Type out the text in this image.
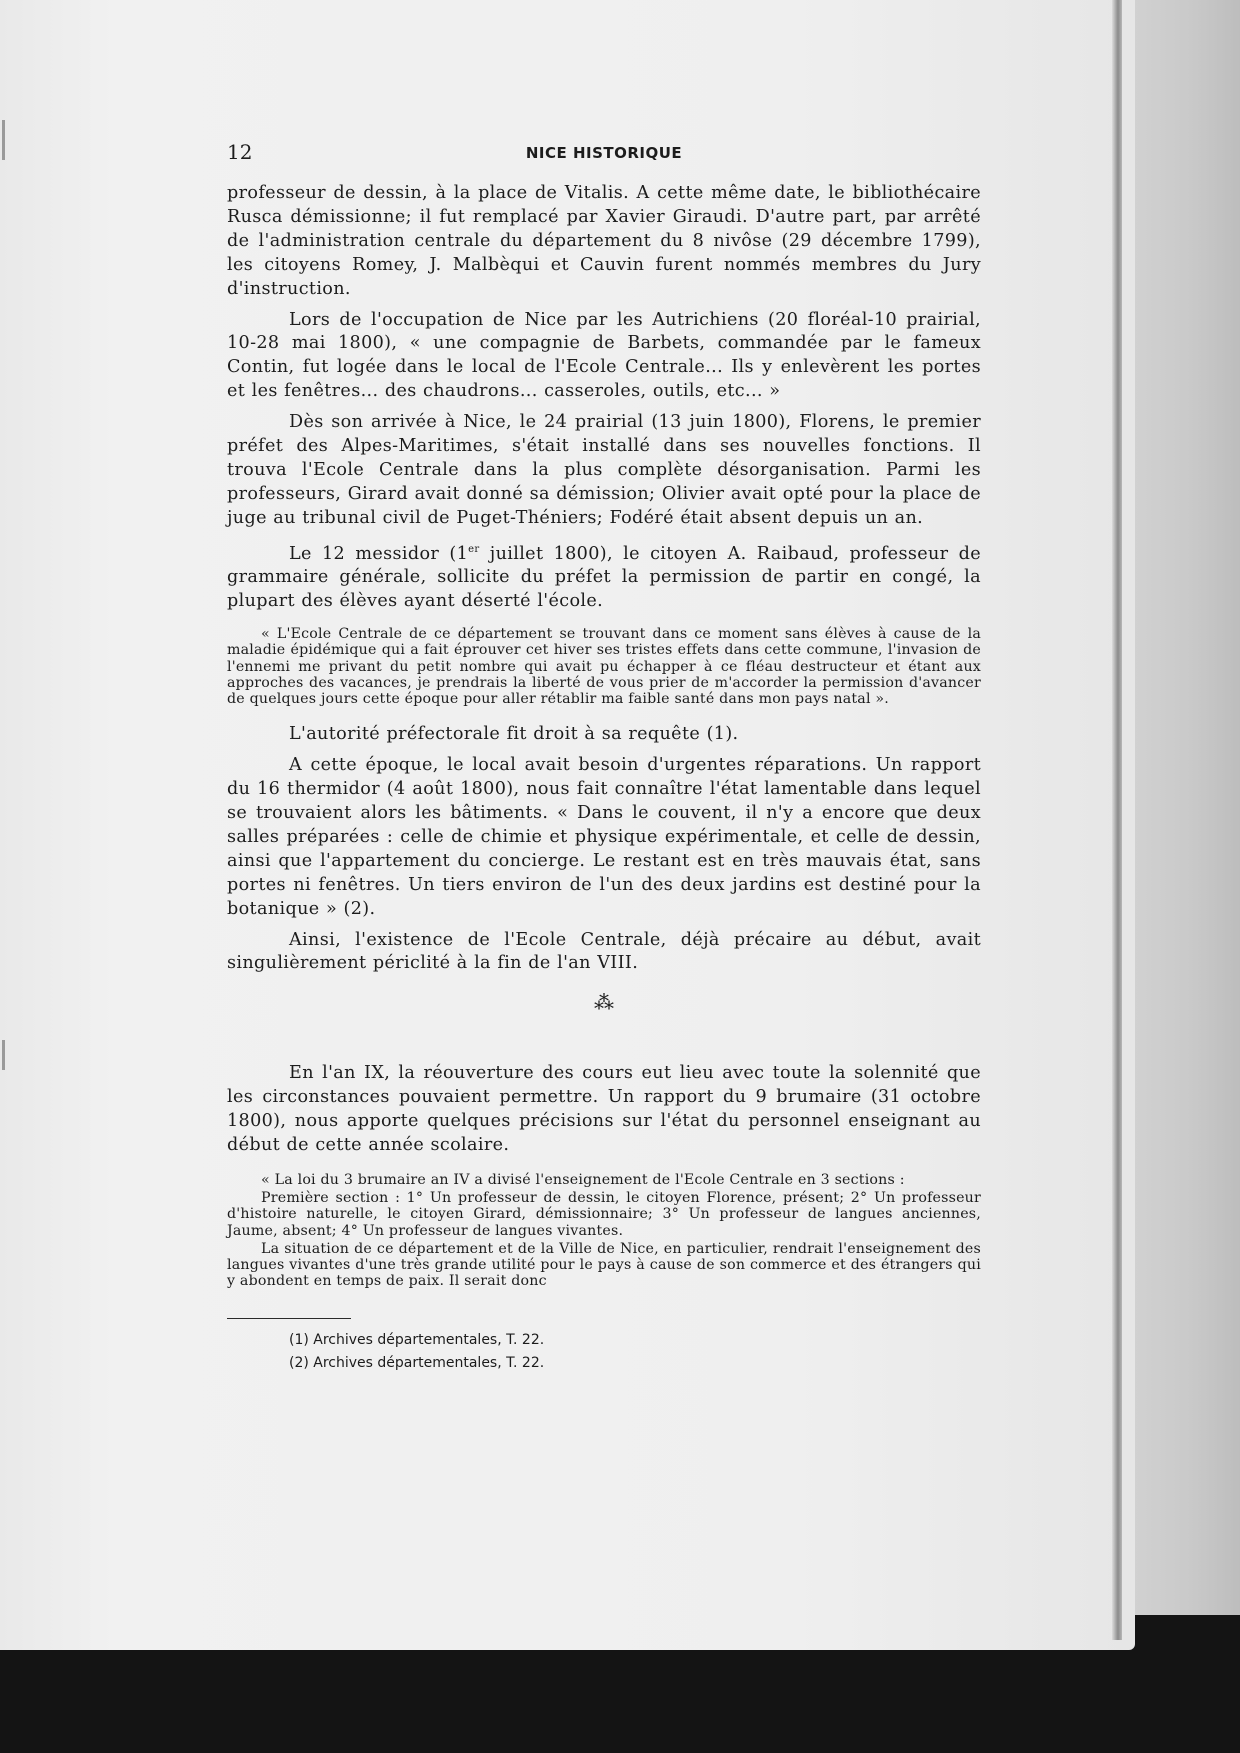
12	NICE HISTORIQUE

professeur de dessin, à la place de Vitalis. A cette même date, le bibliothécaire Rusca démissionne; il fut remplacé par Xavier Giraudi. D'autre part, par arrêté de l'administration centrale du département du 8 nivôse (29 décembre 1799), les citoyens Romey, J. Malbèqui et Cauvin furent nommés membres du Jury d'instruction.

Lors de l'occupation de Nice par les Autrichiens (20 floréal-10 prairial, 10-28 mai 1800), « une compagnie de Barbets, commandée par le fameux Contin, fut logée dans le local de l'Ecole Centrale... Ils y enlevèrent les portes et les fenêtres... des chaudrons... casseroles, outils, etc... »

Dès son arrivée à Nice, le 24 prairial (13 juin 1800), Florens, le premier préfet des Alpes-Maritimes, s'était installé dans ses nouvelles fonctions. Il trouva l'Ecole Centrale dans la plus complète désorganisation. Parmi les professeurs, Girard avait donné sa démission; Olivier avait opté pour la place de juge au tribunal civil de Puget-Théniers; Fodéré était absent depuis un an.

Le 12 messidor (1er juillet 1800), le citoyen A. Raibaud, professeur de grammaire générale, sollicite du préfet la permission de partir en congé, la plupart des élèves ayant déserté l'école.

« L'Ecole Centrale de ce département se trouvant dans ce moment sans élèves à cause de la maladie épidémique qui a fait éprouver cet hiver ses tristes effets dans cette commune, l'invasion de l'ennemi me privant du petit nombre qui avait pu échapper à ce fléau destructeur et étant aux approches des vacances, je prendrais la liberté de vous prier de m'accorder la permission d'avancer de quelques jours cette époque pour aller rétablir ma faible santé dans mon pays natal ».

L'autorité préfectorale fit droit à sa requête (1).

A cette époque, le local avait besoin d'urgentes réparations. Un rapport du 16 thermidor (4 août 1800), nous fait connaître l'état lamentable dans lequel se trouvaient alors les bâtiments. « Dans le couvent, il n'y a encore que deux salles préparées : celle de chimie et physique expérimentale, et celle de dessin, ainsi que l'appartement du concierge. Le restant est en très mauvais état, sans portes ni fenêtres. Un tiers environ de l'un des deux jardins est destiné pour la botanique » (2).

Ainsi, l'existence de l'Ecole Centrale, déjà précaire au début, avait singulièrement périclité à la fin de l'an VIII.

⁂

En l'an IX, la réouverture des cours eut lieu avec toute la solennité que les circonstances pouvaient permettre. Un rapport du 9 brumaire (31 octobre 1800), nous apporte quelques précisions sur l'état du personnel enseignant au début de cette année scolaire.

« La loi du 3 brumaire an IV a divisé l'enseignement de l'Ecole Centrale en 3 sections :

Première section : 1° Un professeur de dessin, le citoyen Florence, présent; 2° Un professeur d'histoire naturelle, le citoyen Girard, démissionnaire; 3° Un professeur de langues anciennes, Jaume, absent; 4° Un professeur de langues vivantes.

La situation de ce département et de la Ville de Nice, en particulier, rendrait l'enseignement des langues vivantes d'une très grande utilité pour le pays à cause de son commerce et des étrangers qui y abondent en temps de paix. Il serait donc

(1) Archives départementales, T. 22.
(2) Archives départementales, T. 22.
